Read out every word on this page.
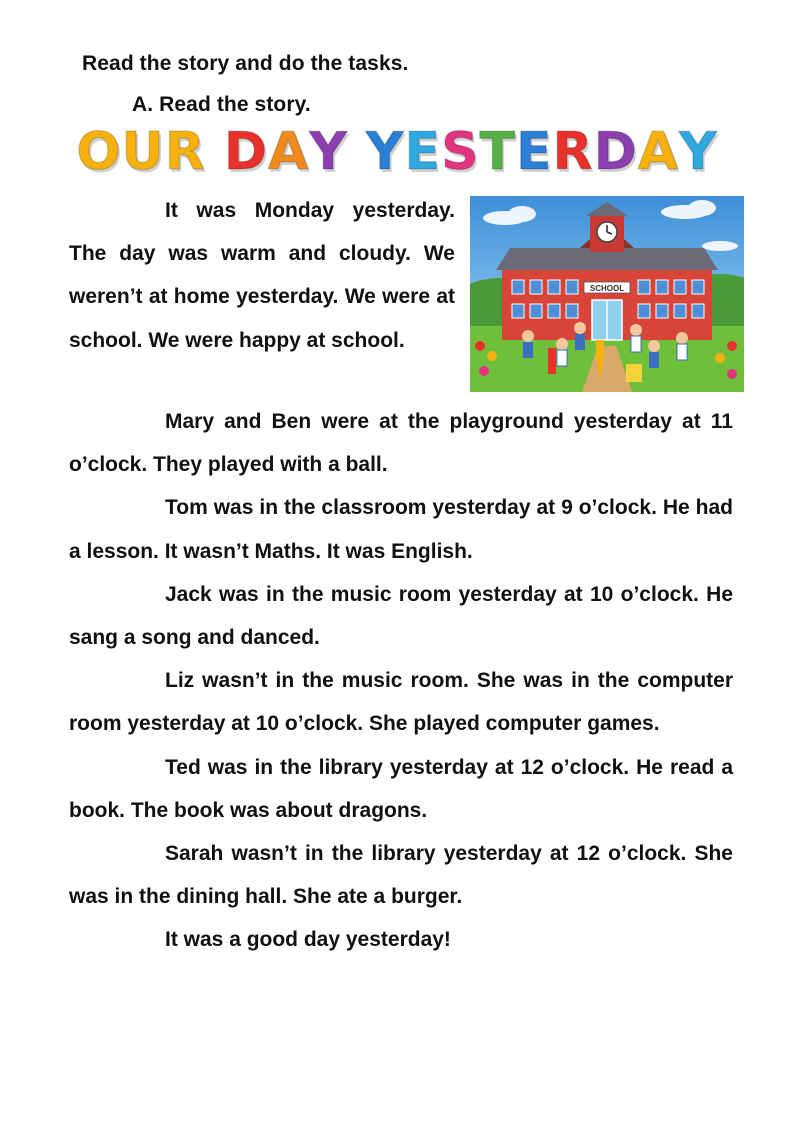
Read the story and do the tasks.
A. Read the story.
OUR DAY YESTERDAY

It was Monday yesterday. The day was warm and cloudy. We weren’t at home yesterday. We were at school. We were happy at school.

SCHOOL

Mary and Ben were at the playground yesterday at 11 o’clock. They played with a ball.

Tom was in the classroom yesterday at 9 o’clock. He had a lesson. It wasn’t Maths. It was English.

Jack was in the music room yesterday at 10 o’clock. He sang a song and danced.

Liz wasn’t in the music room. She was in the computer room yesterday at 10 o’clock. She played computer games.

Ted was in the library yesterday at 12 o’clock. He read a book. The book was about dragons.

Sarah wasn’t in the library yesterday at 12 o’clock. She was in the dining hall. She ate a burger.

It was a good day yesterday!
